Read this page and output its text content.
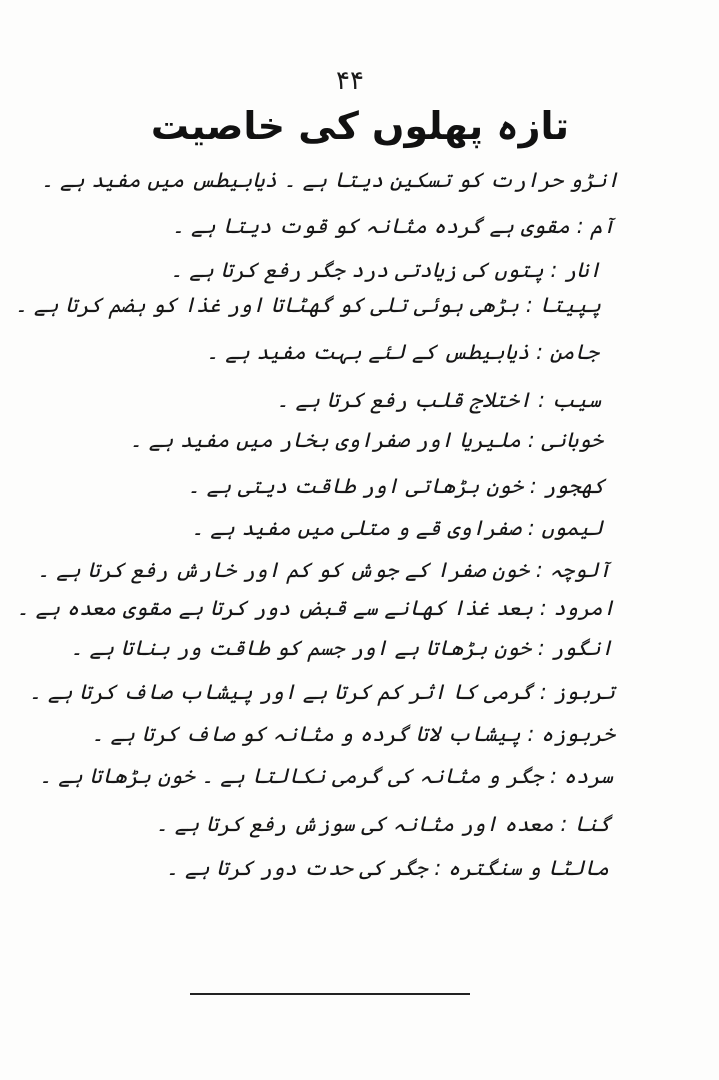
۴۴
تازہ پھلوں کی خاصیت
انڑو حرارت کو تسکین دیتا ہے ۔ ذیابیطس میں مفید ہے ۔
آم : مقوی ہے گردہ مثانہ کو قوت دیتا ہے ۔
انار : پتوں کی زیادتی درد جگر رفع کرتا ہے ۔
پپیتا : بڑھی ہوئی تلی کو گھٹاتا اور غذا کو ہضم کرتا ہے ۔
جامن : ذیابیطس کے لئے بہت مفید ہے ۔
سیب : اختلاج قلب رفع کرتا ہے ۔
خوبانی : ملیریا اور صفراوی بخار میں مفید ہے ۔
کھجور : خون بڑھاتی اور طاقت دیتی ہے ۔
لیموں : صفراوی قے و متلی میں مفید ہے ۔
آلوچہ : خون صفرا کے جوش کو کم اور خارش رفع کرتا ہے ۔
امرود : بعد غذا کھانے سے قبض دور کرتا ہے مقوی معدہ ہے ۔
انگور : خون بڑھاتا ہے اور جسم کو طاقت ور بناتا ہے ۔
تربوز : گرمی کا اثر کم کرتا ہے اور پیشاب صاف کرتا ہے ۔
خربوزہ : پیشاب لاتا گردہ و مثانہ کو صاف کرتا ہے ۔
سردہ : جگر و مثانہ کی گرمی نکالتا ہے ۔ خون بڑھاتا ہے ۔
گنا : معدہ اور مثانہ کی سوزش رفع کرتا ہے ۔
مالٹا و سنگترہ : جگر کی حدت دور کرتا ہے ۔
